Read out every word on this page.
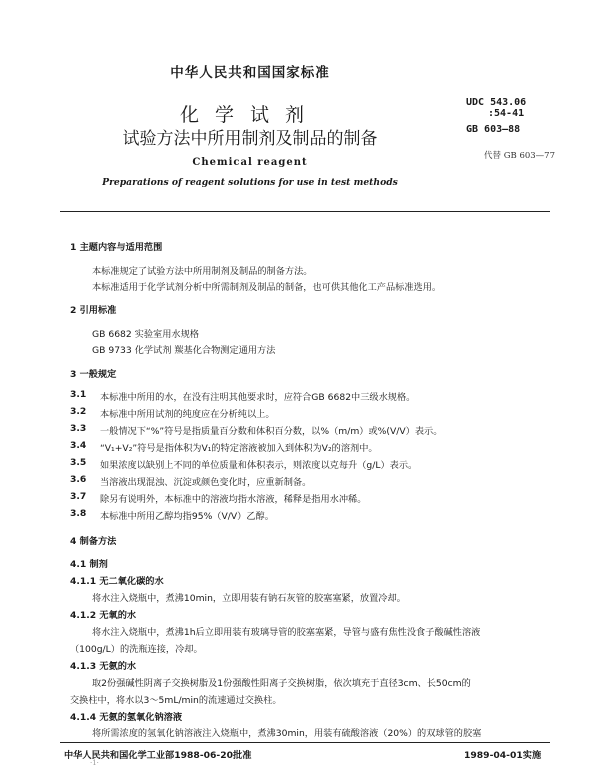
中华人民共和国国家标准
化学试剂
试验方法中所用制剂及制品的制备
Chemical reagent
Preparations of reagent solutions for use in test methods
UDC 543.06
:54-41
GB 603—88
代替 GB 603—77
1 主题内容与适用范围
本标准规定了试验方法中所用制剂及制品的制备方法。
本标准适用于化学试剂分析中所需制剂及制品的制备，也可供其他化工产品标准选用。
2 引用标准
GB 6682 实验室用水规格
GB 9733 化学试剂 羰基化合物测定通用方法
3 一般规定
3.1 本标准中所用的水，在没有注明其他要求时，应符合GB 6682中三级水规格。
3.2 本标准中所用试剂的纯度应在分析纯以上。
3.3 一般情况下“%”符号是指质量百分数和体积百分数，以%（m/m）或%(V/V）表示。
3.4 “V₁+V₂”符号是指体积为V₁的特定溶液被加入到体积为V₂的溶剂中。
3.5 如果浓度以缺别上不同的单位质量和体积表示，则浓度以克每升（g/L）表示。
3.6 当溶液出现混浊、沉淀或颜色变化时，应重新制备。
3.7 除另有说明外，本标准中的溶液均指水溶液，稀释是指用水冲稀。
3.8 本标准中所用乙醇均指95%（V/V）乙醇。
4 制备方法
4.1 制剂
4.1.1 无二氧化碳的水
将水注入烧瓶中，煮沸10min，立即用装有钠石灰管的胶塞塞紧，放置冷却。
4.1.2 无氧的水
将水注入烧瓶中，煮沸1h后立即用装有玻璃导管的胶塞塞紧，导管与盛有焦性没食子酸碱性溶液
（100g/L）的洗瓶连接，冷却。
4.1.3 无氨的水
取2份强碱性阴离子交换树脂及1份强酸性阳离子交换树脂，依次填充于直径3cm、长50cm的
交换柱中，将水以3～5mL/min的流速通过交换柱。
4.1.4 无氨的氢氧化钠溶液
将所需浓度的氢氧化钠溶液注入烧瓶中，煮沸30min，用装有硫酸溶液（20%）的双球管的胶塞
中华人民共和国化学工业部1988-06-20批准	1989-04-01实施
·1·
